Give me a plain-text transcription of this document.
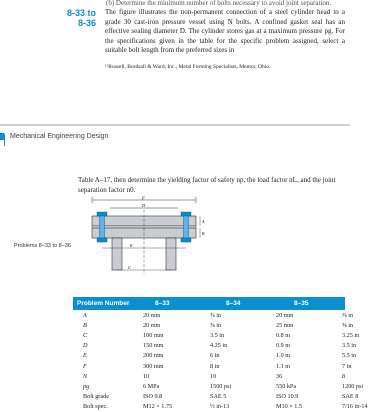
(b) Determine the minimum number of bolts necessary to avoid joint separation.
8-33 to
8-36
The figure illustrates the non-permanent connection of a steel cylinder head to a grade 30 cast-iron pressure vessel using N bolts. A confined gasket seal has an effective sealing diameter D. The cylinder stores gas at a maximum pressure pg. For the specifications given in the table for the specific problem assigned, select a suitable bolt length from the preferred sizes in
¹¹Russell, Burdsall & Ward, Inc., Metal Forming Specialists, Mentor, Ohio.
Mechanical Engineering Design
Table A–17, then determine the yielding factor of safety np, the load factor nL, and the joint separation factor n0.
Problems 8–33 to 8–36
F
D
A
B
E
C
Problem Number	8–33	8–34	8–35	8–36
A	20 mm	⅝ in	20 mm	⅜ in
B	20 mm	⅝ in	25 mm	⅝ in
C	100 mm	3.5 in	0.8 m	3.25 in
D	150 mm	4.25 in	0.9 m	3.5 in
E	200 mm	6 in	1.0 m	5.5 in
F	300 mm	8 in	1.1 m	7 in
N	10	10	36	8
pg	6 MPa	1500 psi	550 kPa	1200 psi
Bolt grade	ISO 9.8	SAE 5	ISO 10.9	SAE 8
Bolt spec.	M12 × 1.75	½ in-13	M10 × 1.5	7/16 in-14
